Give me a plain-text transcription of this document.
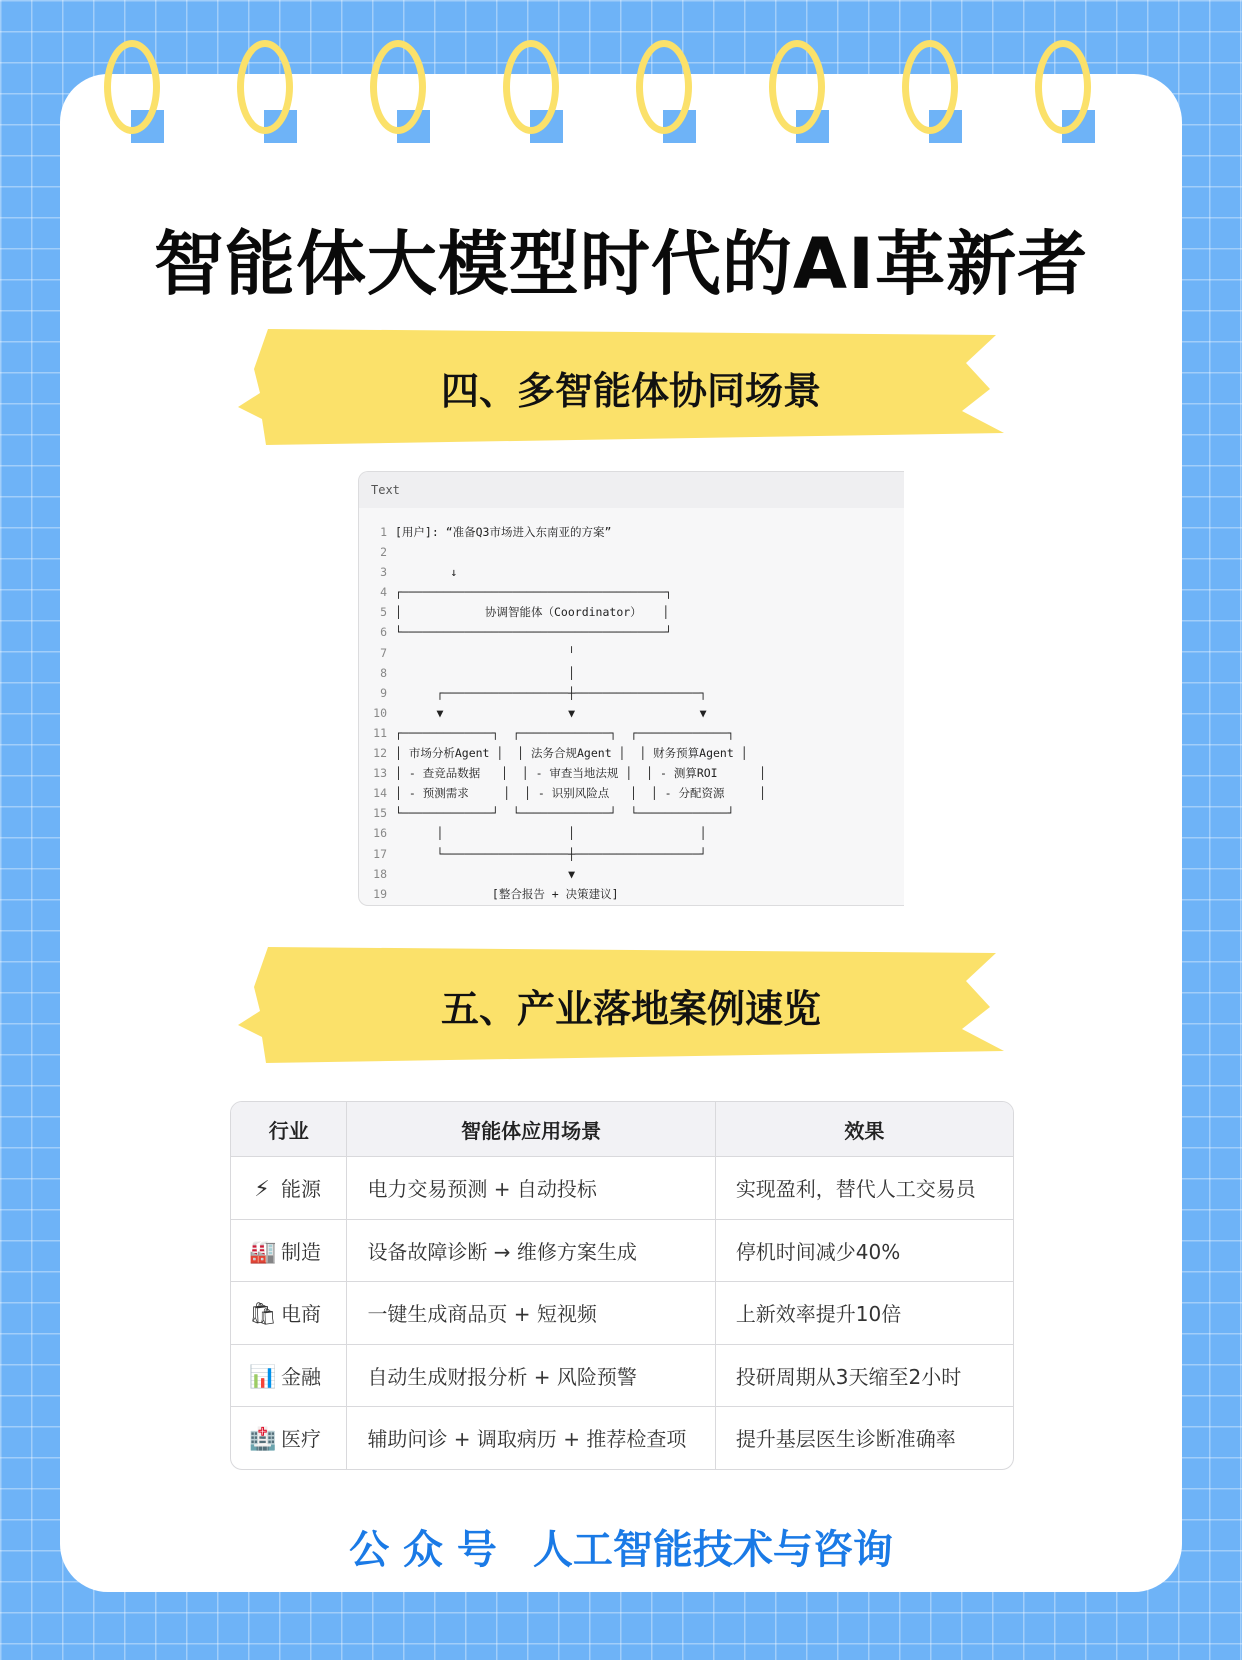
智能体大模型时代的AI革新者
四、多智能体协同场景
Text
1 [用户]: “准备Q3市场进入东南亚的方案”
2
3 ↓
4 ┌──────────────────────────────────────┐
5 │            协调智能体（Coordinator）   │
6 └──────────────────────────────────────┘
7 ╵
8 │
9 ┌──────────────────┼──────────────────┐
10 ▼                  ▼                  ▼
11 ┌─────────────┐  ┌─────────────┐  ┌─────────────┐
12 │ 市场分析Agent │  │ 法务合规Agent │  │ 财务预算Agent │
13 │ - 查竞品数据   │  │ - 审查当地法规 │  │ - 测算ROI      │
14 │ - 预测需求     │  │ - 识别风险点   │  │ - 分配资源     │
15 └─────────────┘  └─────────────┘  └─────────────┘
16 │                  │                  │
17 └──────────────────┼──────────────────┘
18 ▼
19 [整合报告 + 决策建议]
五、产业落地案例速览
行业	智能体应用场景	效果
⚡ 能源	电力交易预测 + 自动投标	实现盈利，替代人工交易员
🏭 制造	设备故障诊断 → 维修方案生成	停机时间减少40%
🛍 电商	一键生成商品页 + 短视频	上新效率提升10倍
📊 金融	自动生成财报分析 + 风险预警	投研周期从3天缩至2小时
🏥 医疗	辅助问诊 + 调取病历 + 推荐检查项	提升基层医生诊断准确率
公 众 号 人工智能技术与咨询
